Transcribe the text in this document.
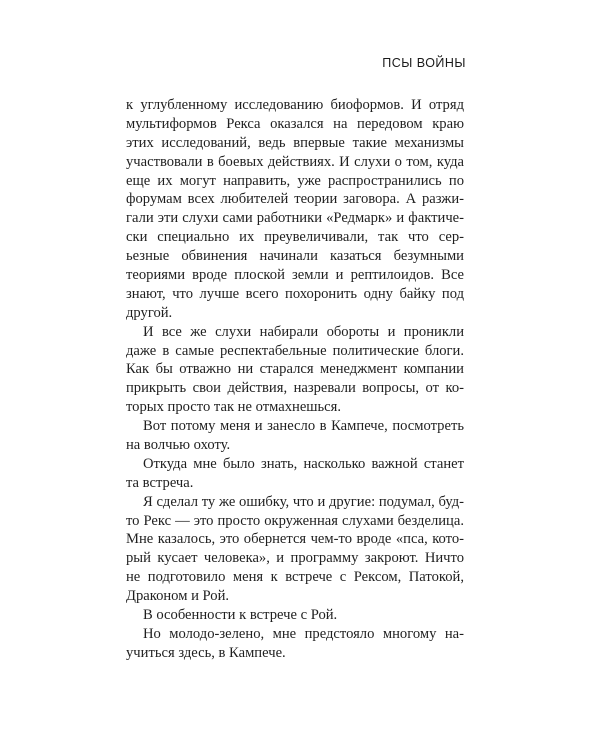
ПСЫ ВОЙНЫ

к углубленному исследованию биоформов. И отряд

мультиформов Рекса оказался на передовом краю

этих исследований, ведь впервые такие механизмы

участвовали в боевых действиях. И слухи о том, куда

еще их могут направить, уже распространились по

форумам всех любителей теории заговора. А разжи-

гали эти слухи сами работники «Редмарк» и фактиче-

ски специально их преувеличивали, так что сер-

ьезные обвинения начинали казаться безумными

теориями вроде плоской земли и рептилоидов. Все

знают, что лучше всего похоронить одну байку под

другой.

И все же слухи набирали обороты и проникли

даже в самые респектабельные политические блоги.

Как бы отважно ни старался менеджмент компании

прикрыть свои действия, назревали вопросы, от ко-

торых просто так не отмахнешься.

Вот потому меня и занесло в Кампече, посмотреть

на волчью охоту.

Откуда мне было знать, насколько важной станет

та встреча.

Я сделал ту же ошибку, что и другие: подумал, буд-

то Рекс — это просто окруженная слухами безделица.

Мне казалось, это обернется чем-то вроде «пса, кото-

рый кусает человека», и программу закроют. Ничто

не подготовило меня к встрече с Рексом, Патокой,

Драконом и Рой.

В особенности к встрече с Рой.

Но молодо-зелено, мне предстояло многому на-

учиться здесь, в Кампече.
